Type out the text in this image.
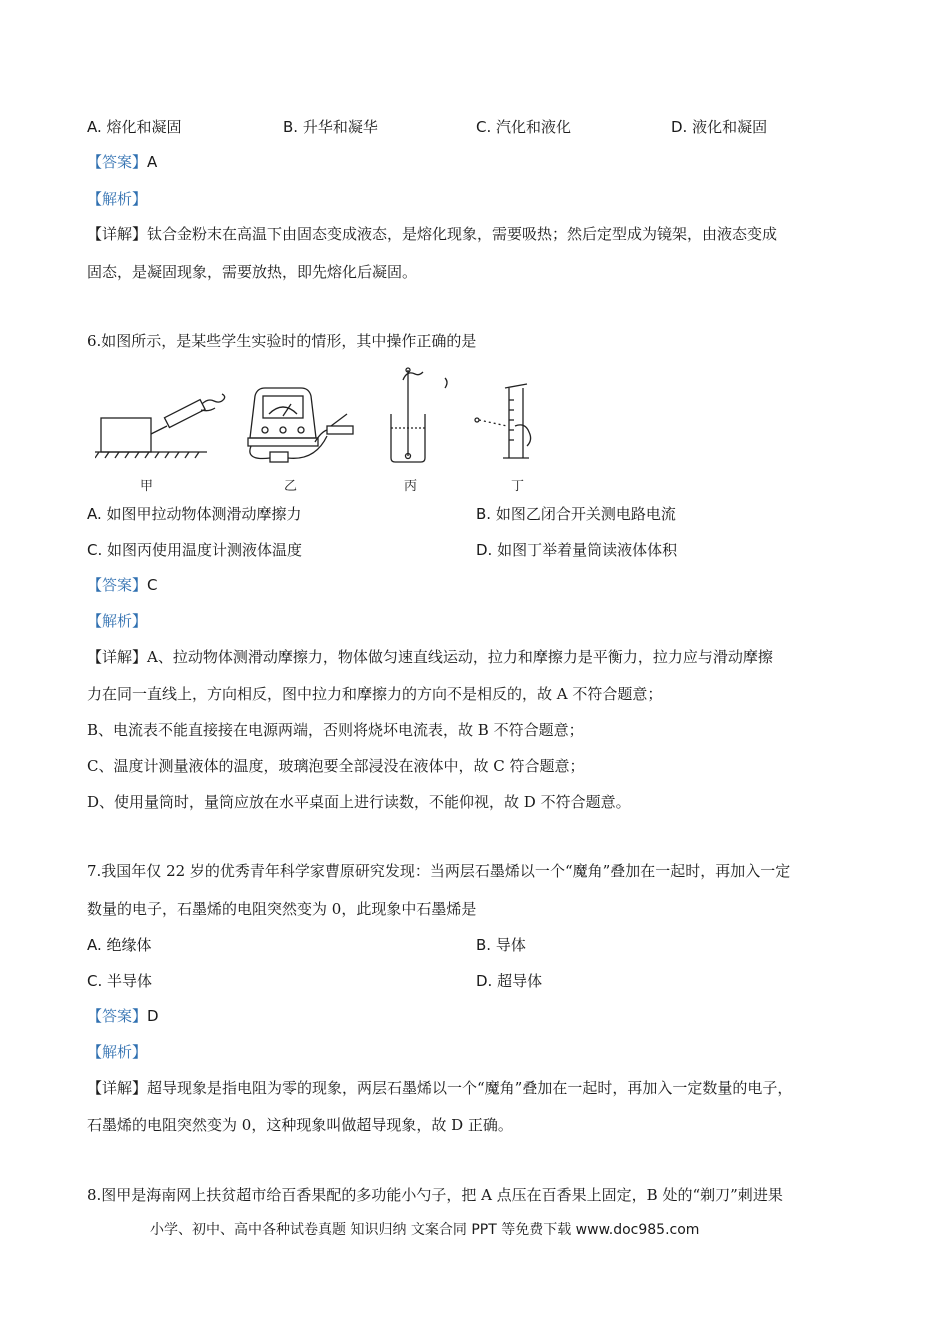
A. 熔化和凝固	B. 升华和凝华	C. 汽化和液化	D. 液化和凝固
【答案】A
【解析】
【详解】钛合金粉末在高温下由固态变成液态，是熔化现象，需要吸热；然后定型成为镜架，由液态变成
固态，是凝固现象，需要放热，即先熔化后凝固。
6.如图所示，是某些学生实验时的情形，其中操作正确的是
甲	乙	丙	丁
A. 如图甲拉动物体测滑动摩擦力	B. 如图乙闭合开关测电路电流
C. 如图丙使用温度计测液体温度	D. 如图丁举着量筒读液体体积
【答案】C
【解析】
【详解】A、拉动物体测滑动摩擦力，物体做匀速直线运动，拉力和摩擦力是平衡力，拉力应与滑动摩擦
力在同一直线上，方向相反，图中拉力和摩擦力的方向不是相反的，故 A 不符合题意；
B、电流表不能直接接在电源两端，否则将烧坏电流表，故 B 不符合题意；
C、温度计测量液体的温度，玻璃泡要全部浸没在液体中，故 C 符合题意；
D、使用量筒时，量筒应放在水平桌面上进行读数，不能仰视，故 D 不符合题意。
7.我国年仅 22 岁的优秀青年科学家曹原研究发现：当两层石墨烯以一个“魔角”叠加在一起时，再加入一定
数量的电子，石墨烯的电阻突然变为 0，此现象中石墨烯是
A. 绝缘体	B. 导体
C. 半导体	D. 超导体
【答案】D
【解析】
【详解】超导现象是指电阻为零的现象，两层石墨烯以一个“魔角”叠加在一起时，再加入一定数量的电子，
石墨烯的电阻突然变为 0，这种现象叫做超导现象，故 D 正确。
8.图甲是海南网上扶贫超市给百香果配的多功能小勺子，把 A 点压在百香果上固定，B 处的“剃刀”刺进果
小学、初中、高中各种试卷真题 知识归纳 文案合同 PPT 等免费下载 www.doc985.com
